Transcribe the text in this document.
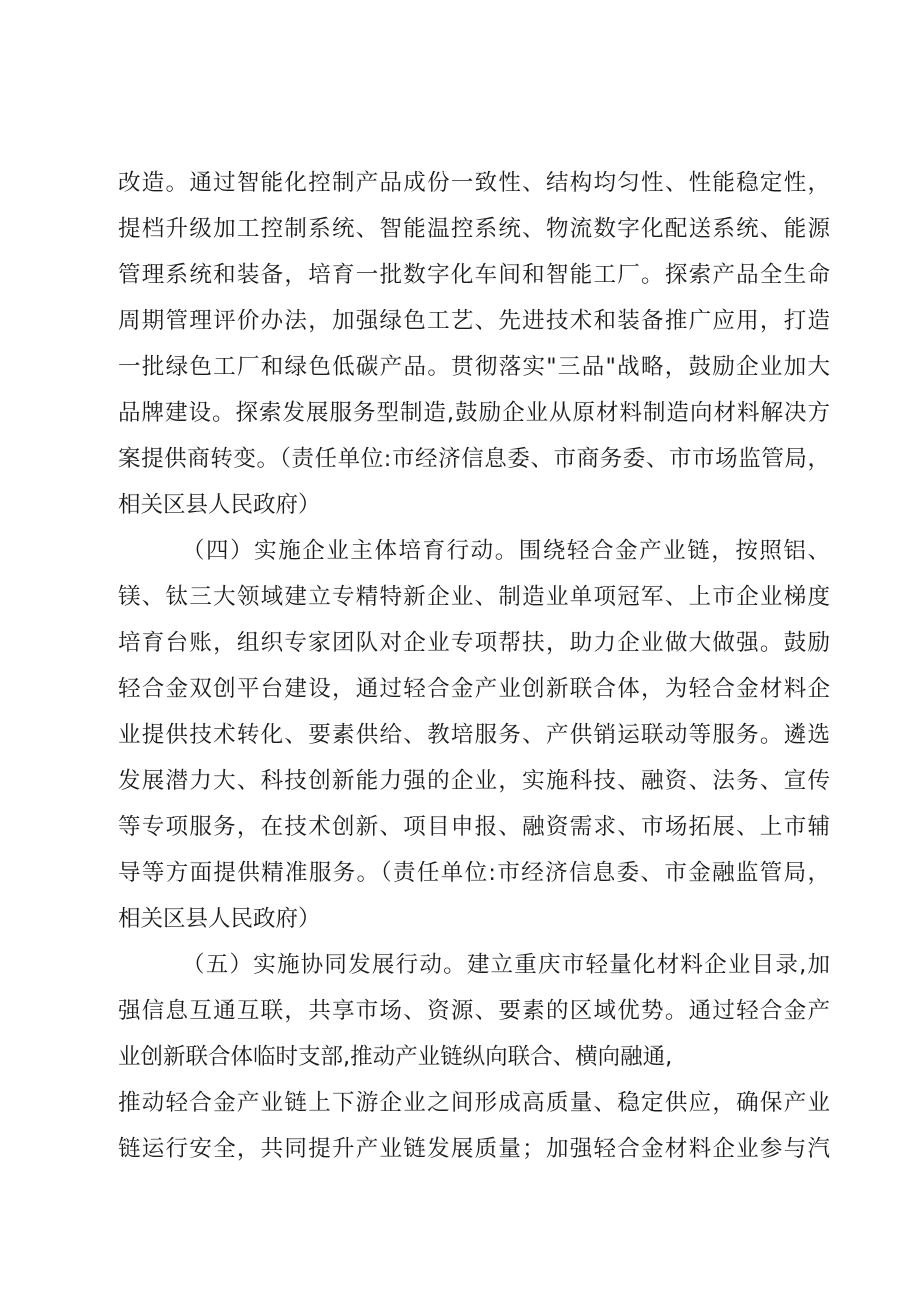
改造。通过智能化控制产品成份一致性、结构均匀性、性能稳定性，
提档升级加工控制系统、智能温控系统、物流数字化配送系统、能源
管理系统和装备，培育一批数字化车间和智能工厂。探索产品全生命
周期管理评价办法，加强绿色工艺、先进技术和装备推广应用，打造
一批绿色工厂和绿色低碳产品。贯彻落实"三品"战略，鼓励企业加大
品牌建设。探索发展服务型制造,鼓励企业从原材料制造向材料解决方
案提供商转变。（责任单位:市经济信息委、市商务委、市市场监管局，
相关区县人民政府）
（四）实施企业主体培育行动。围绕轻合金产业链，按照铝、
镁、钛三大领域建立专精特新企业、制造业单项冠军、上市企业梯度
培育台账，组织专家团队对企业专项帮扶，助力企业做大做强。鼓励
轻合金双创平台建设，通过轻合金产业创新联合体，为轻合金材料企
业提供技术转化、要素供给、教培服务、产供销运联动等服务。遴选
发展潜力大、科技创新能力强的企业，实施科技、融资、法务、宣传
等专项服务，在技术创新、项目申报、融资需求、市场拓展、上市辅
导等方面提供精准服务。（责任单位:市经济信息委、市金融监管局，
相关区县人民政府）
（五）实施协同发展行动。建立重庆市轻量化材料企业目录,加
强信息互通互联，共享市场、资源、要素的区域优势。通过轻合金产
业创新联合体临时支部,推动产业链纵向联合、横向融通,
推动轻合金产业链上下游企业之间形成高质量、稳定供应，确保产业
链运行安全，共同提升产业链发展质量；加强轻合金材料企业参与汽
